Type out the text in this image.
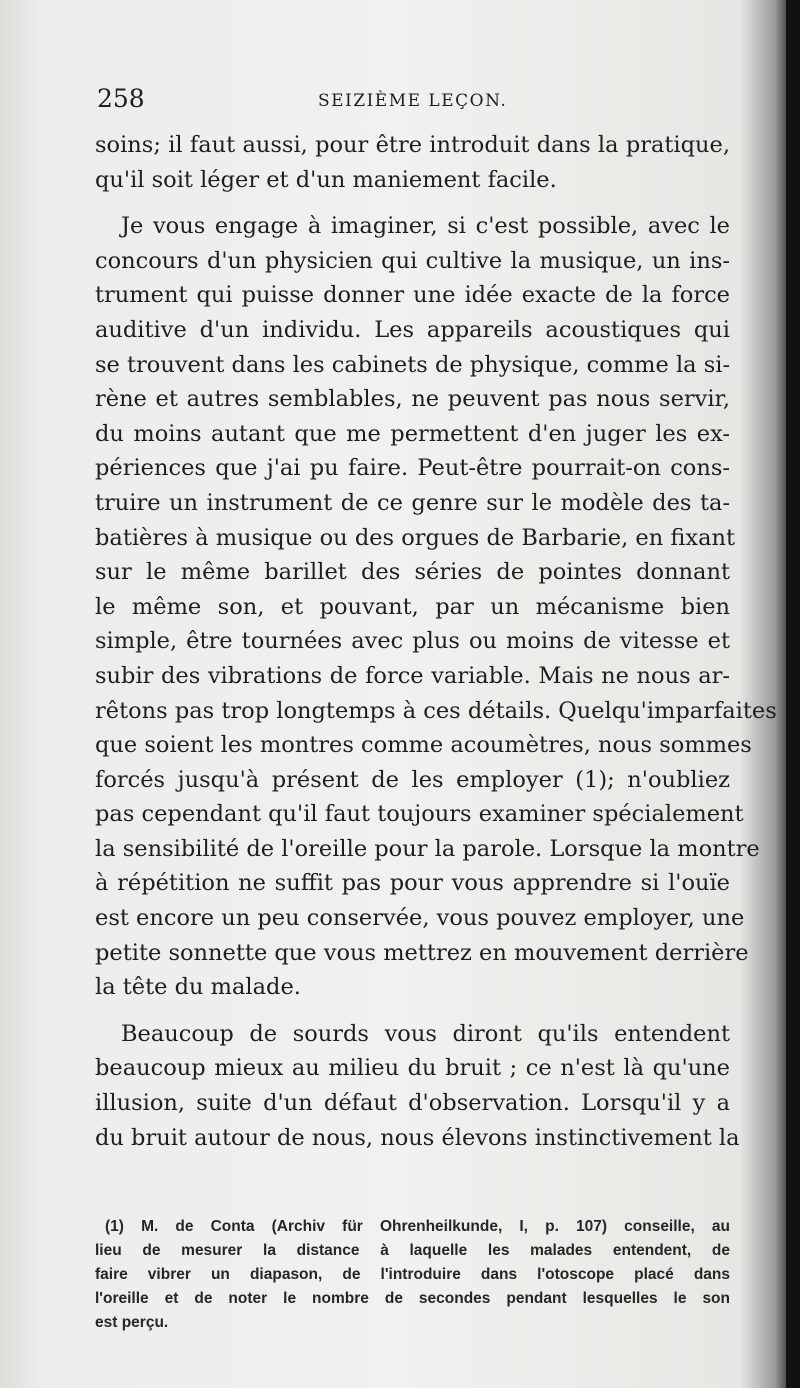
258	SEIZIÈME LEÇON.
soins; il faut aussi, pour être introduit dans la pratique,
qu'il soit léger et d'un maniement facile.
Je vous engage à imaginer, si c'est possible, avec le
concours d'un physicien qui cultive la musique, un ins-
trument qui puisse donner une idée exacte de la force
auditive d'un individu. Les appareils acoustiques qui
se trouvent dans les cabinets de physique, comme la si-
rène et autres semblables, ne peuvent pas nous servir,
du moins autant que me permettent d'en juger les ex-
périences que j'ai pu faire. Peut-être pourrait-on cons-
truire un instrument de ce genre sur le modèle des ta-
batières à musique ou des orgues de Barbarie, en fixant
sur le même barillet des séries de pointes donnant
le même son, et pouvant, par un mécanisme bien
simple, être tournées avec plus ou moins de vitesse et
subir des vibrations de force variable. Mais ne nous ar-
rêtons pas trop longtemps à ces détails. Quelqu'imparfaites
que soient les montres comme acoumètres, nous sommes
forcés jusqu'à présent de les employer (1); n'oubliez
pas cependant qu'il faut toujours examiner spécialement
la sensibilité de l'oreille pour la parole. Lorsque la montre
à répétition ne suffit pas pour vous apprendre si l'ouïe
est encore un peu conservée, vous pouvez employer, une
petite sonnette que vous mettrez en mouvement derrière
la tête du malade.
Beaucoup de sourds vous diront qu'ils entendent
beaucoup mieux au milieu du bruit ; ce n'est là qu'une
illusion, suite d'un défaut d'observation. Lorsqu'il y a
du bruit autour de nous, nous élevons instinctivement la
(1) M. de Conta (Archiv für Ohrenheilkunde, I, p. 107) conseille, au
lieu de mesurer la distance à laquelle les malades entendent, de
faire vibrer un diapason, de l'introduire dans l'otoscope placé dans
l'oreille et de noter le nombre de secondes pendant lesquelles le son
est perçu.
